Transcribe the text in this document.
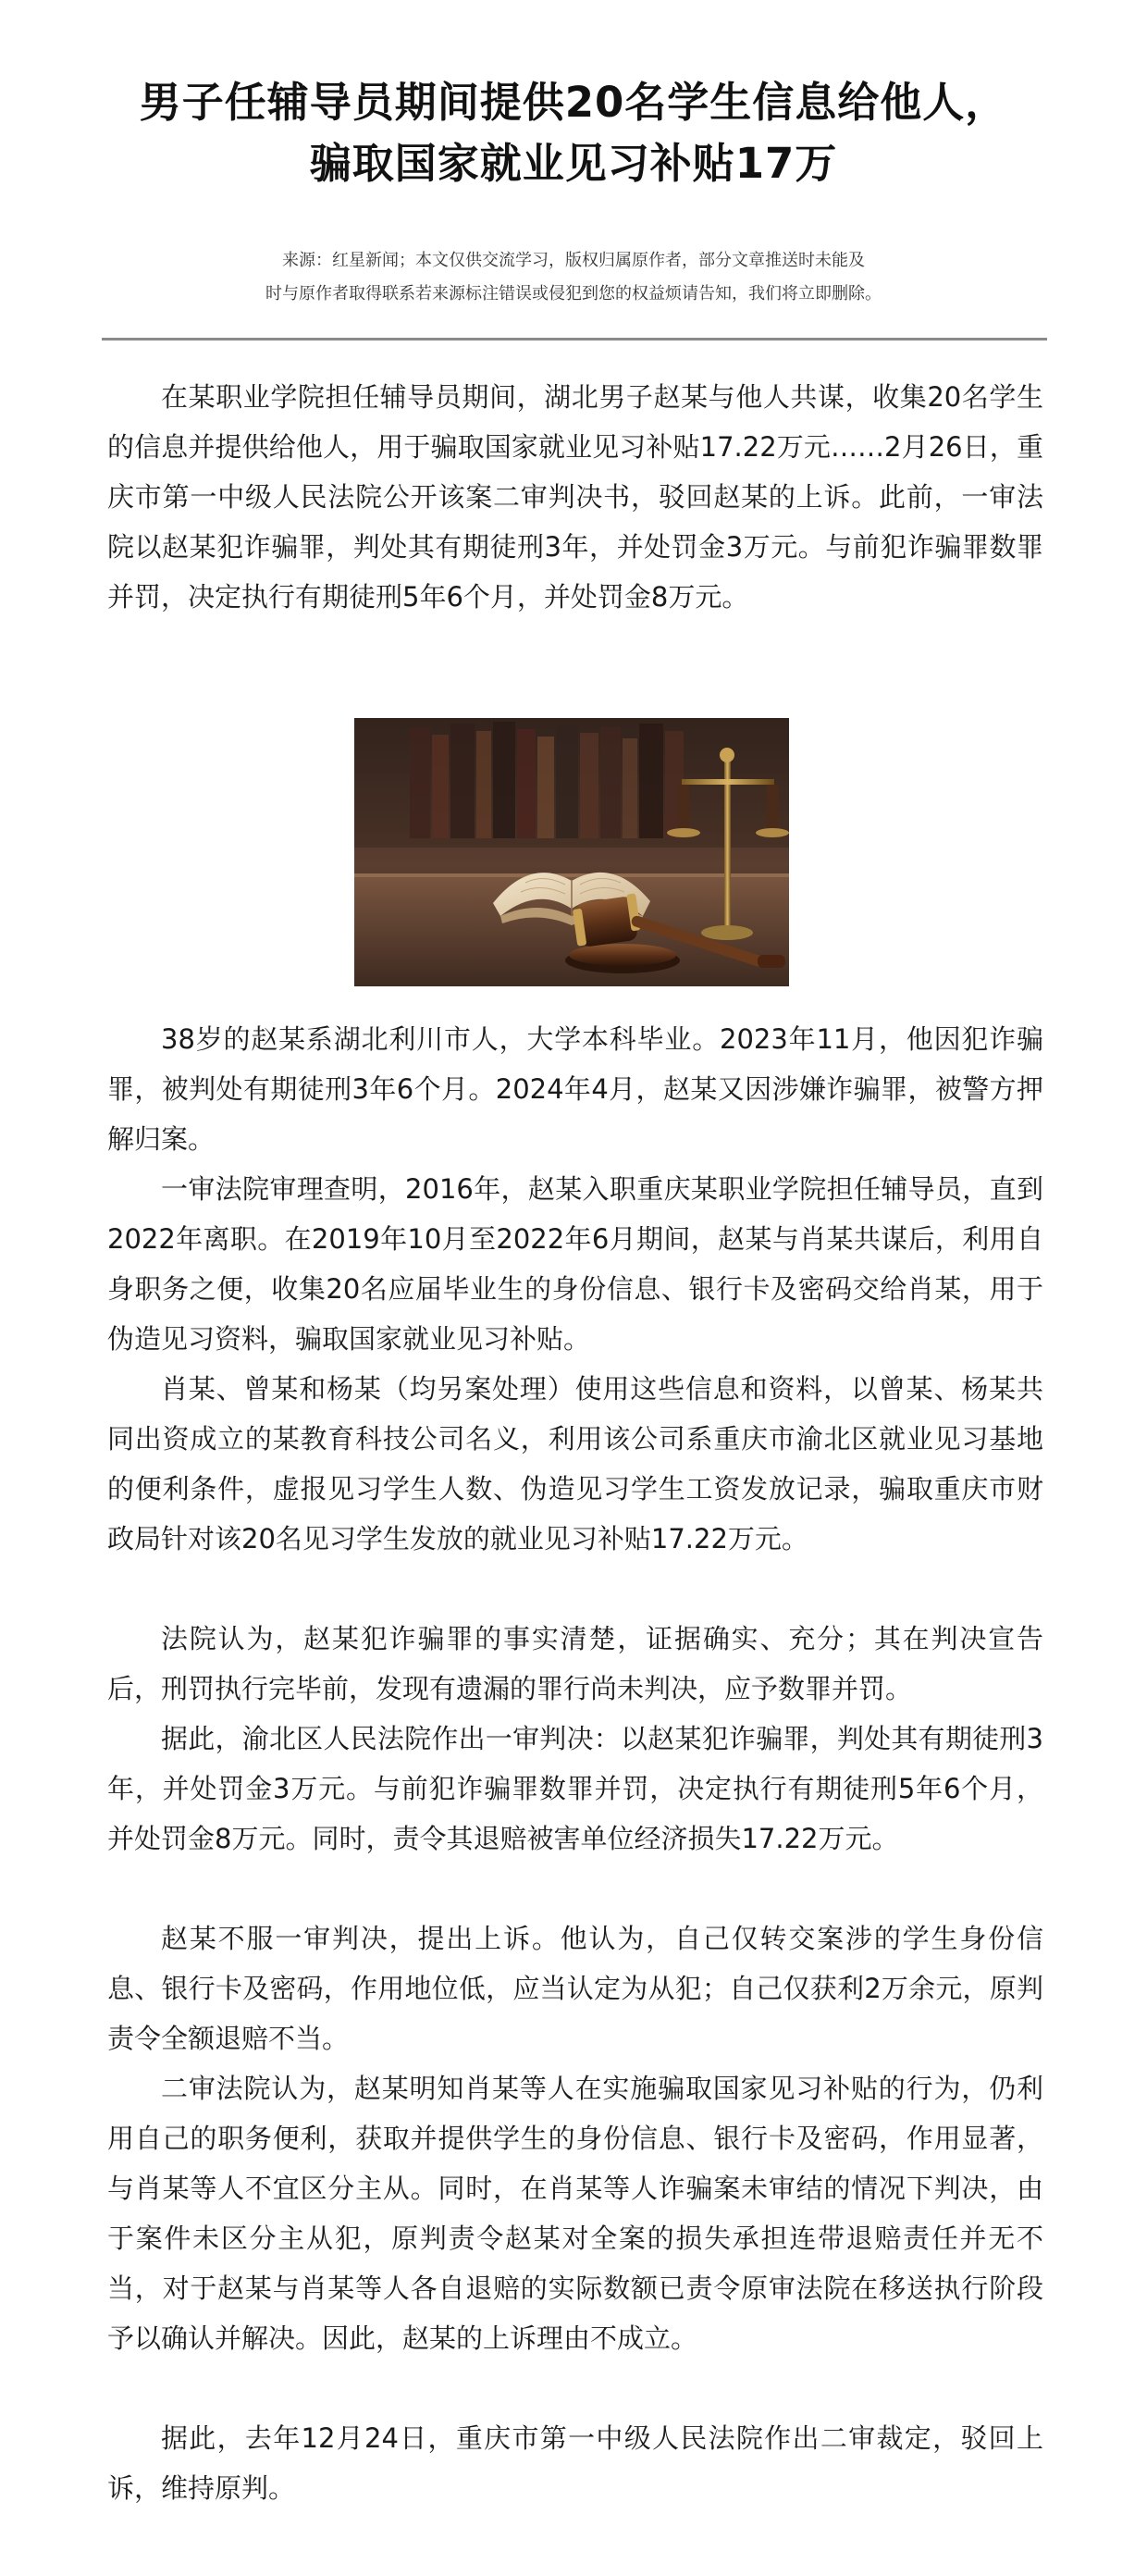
男子任辅导员期间提供20名学生信息给他人，
骗取国家就业见习补贴17万

来源：红星新闻；本文仅供交流学习，版权归属原作者，部分文章推送时未能及
时与原作者取得联系若来源标注错误或侵犯到您的权益烦请告知，我们将立即删除。

在某职业学院担任辅导员期间，湖北男子赵某与他人共谋，收集20名学生的信息并提供给他人，用于骗取国家就业见习补贴17.22万元……2月26日，重庆市第一中级人民法院公开该案二审判决书，驳回赵某的上诉。此前，一审法院以赵某犯诈骗罪，判处其有期徒刑3年，并处罚金3万元。与前犯诈骗罪数罪并罚，决定执行有期徒刑5年6个月，并处罚金8万元。

38岁的赵某系湖北利川市人，大学本科毕业。2023年11月，他因犯诈骗罪，被判处有期徒刑3年6个月。2024年4月，赵某又因涉嫌诈骗罪，被警方押解归案。

一审法院审理查明，2016年，赵某入职重庆某职业学院担任辅导员，直到2022年离职。在2019年10月至2022年6月期间，赵某与肖某共谋后，利用自身职务之便，收集20名应届毕业生的身份信息、银行卡及密码交给肖某，用于伪造见习资料，骗取国家就业见习补贴。

肖某、曾某和杨某（均另案处理）使用这些信息和资料，以曾某、杨某共同出资成立的某教育科技公司名义，利用该公司系重庆市渝北区就业见习基地的便利条件，虚报见习学生人数、伪造见习学生工资发放记录，骗取重庆市财政局针对该20名见习学生发放的就业见习补贴17.22万元。

法院认为，赵某犯诈骗罪的事实清楚，证据确实、充分；其在判决宣告后，刑罚执行完毕前，发现有遗漏的罪行尚未判决，应予数罪并罚。

据此，渝北区人民法院作出一审判决：以赵某犯诈骗罪，判处其有期徒刑3年，并处罚金3万元。与前犯诈骗罪数罪并罚，决定执行有期徒刑5年6个月，并处罚金8万元。同时，责令其退赔被害单位经济损失17.22万元。

赵某不服一审判决，提出上诉。他认为，自己仅转交案涉的学生身份信息、银行卡及密码，作用地位低，应当认定为从犯；自己仅获利2万余元，原判责令全额退赔不当。

二审法院认为，赵某明知肖某等人在实施骗取国家见习补贴的行为，仍利用自己的职务便利，获取并提供学生的身份信息、银行卡及密码，作用显著，与肖某等人不宜区分主从。同时，在肖某等人诈骗案未审结的情况下判决，由于案件未区分主从犯，原判责令赵某对全案的损失承担连带退赔责任并无不当，对于赵某与肖某等人各自退赔的实际数额已责令原审法院在移送执行阶段予以确认并解决。因此，赵某的上诉理由不成立。

据此，去年12月24日，重庆市第一中级人民法院作出二审裁定，驳回上诉，维持原判。
